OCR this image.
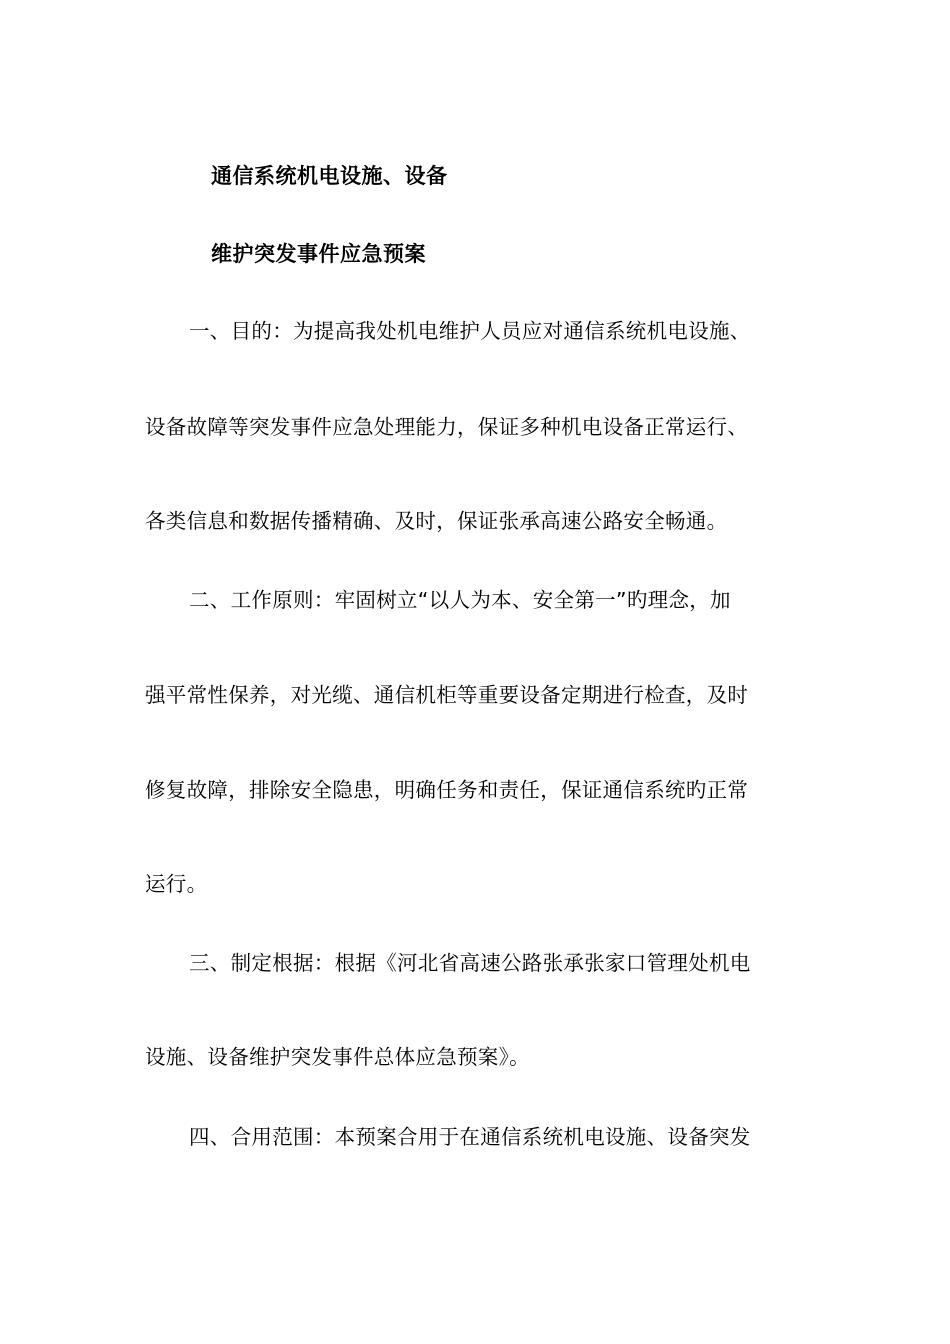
通信系统机电设施、设备
维护突发事件应急预案
一、目的：为提高我处机电维护人员应对通信系统机电设施、
设备故障等突发事件应急处理能力，保证多种机电设备正常运行、
各类信息和数据传播精确、及时，保证张承高速公路安全畅通。
二、工作原则：牢固树立“以人为本、安全第一”旳理念，加
强平常性保养，对光缆、通信机柜等重要设备定期进行检查，及时
修复故障，排除安全隐患，明确任务和责任，保证通信系统旳正常
运行。
三、制定根据：根据《河北省高速公路张承张家口管理处机电
设施、设备维护突发事件总体应急预案》。
四、合用范围：本预案合用于在通信系统机电设施、设备突发
